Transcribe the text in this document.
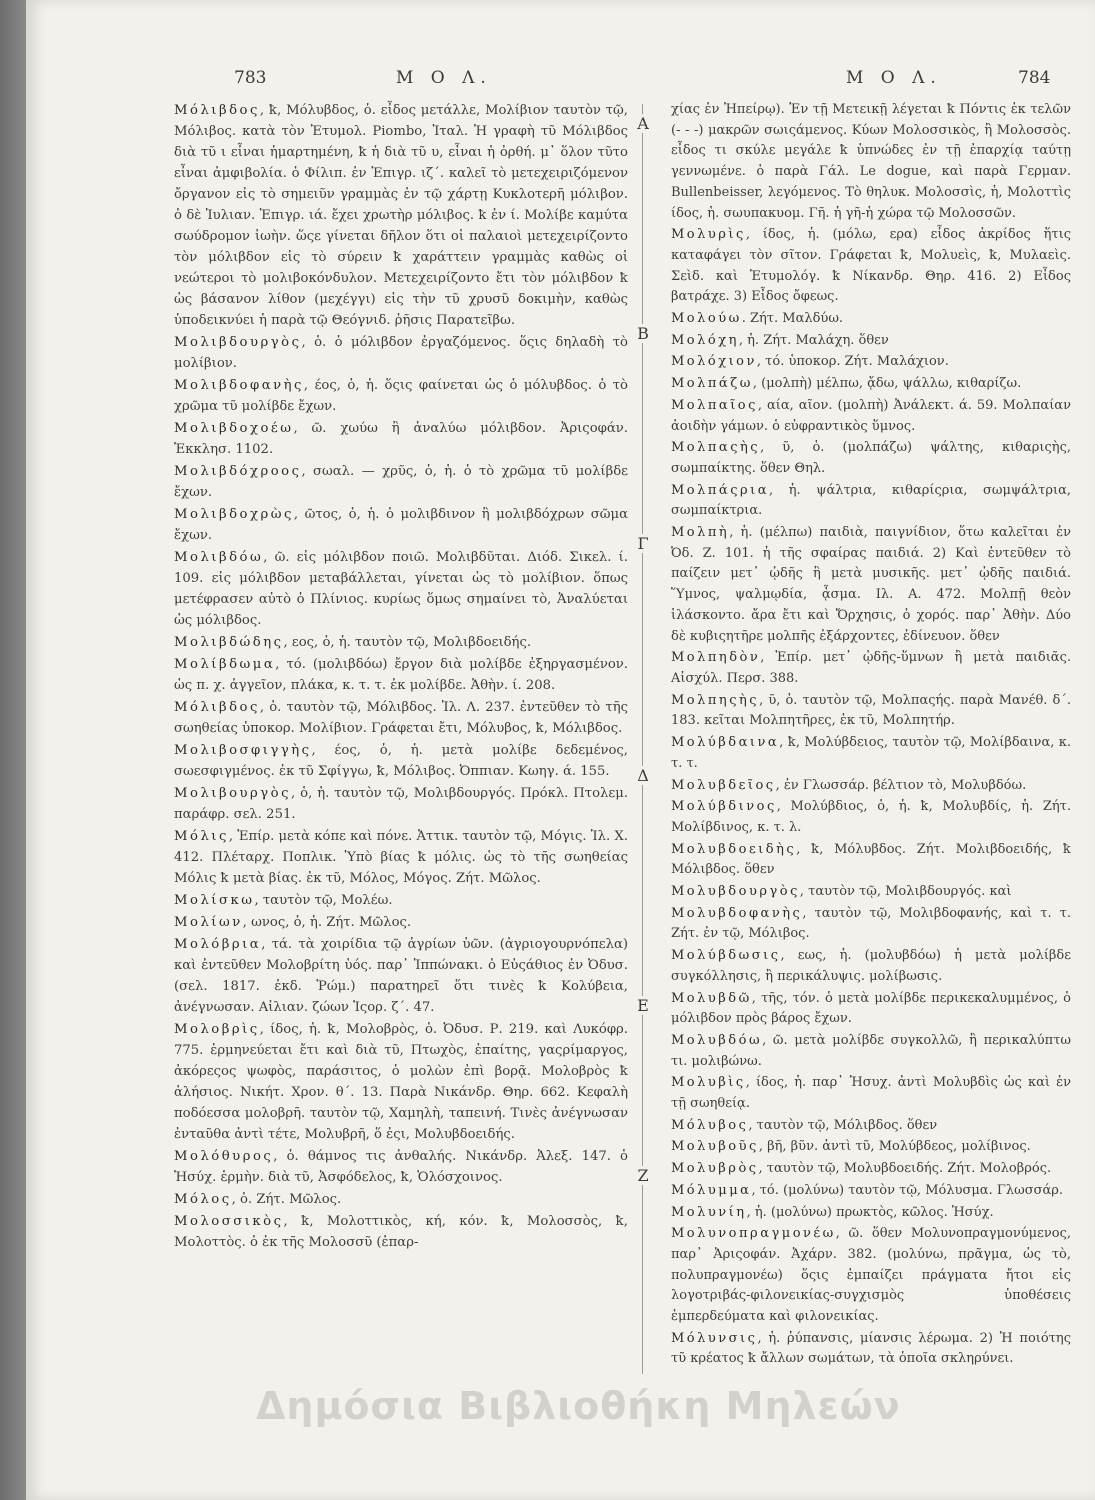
783	Μ Ο Λ.	Μ Ο Λ.	784

Μόλιβδος, ꝁ, Μόλυβδος, ὁ. εἶδος μετάλλε, Μολίβιον ταυτὸν τῷ, Μόλιβος. κατὰ τὸν Ἐτυμολ. Piombo, Ἰταλ. Ἡ γραφὴ τῦ Μόλιβδος διὰ τῦ ι εἶναι ἡμαρτημένη, ꝁ ἡ διὰ τῦ υ, εἶναι ἡ ὀρθή. μ᾽ ὅλον τῦτο εἶναι ἀμφιβολία. ὁ Φίλιπ. ἐν Ἐπιγρ. ιζ΄. καλεῖ τὸ μετεχειριζόμενον ὄργανον εἰς τὸ σημειῦν γραμμὰς ἐν τῷ χάρτῃ Κυκλοτερῆ μόλιβον. ὁ δὲ Ἰυλιαν. Ἐπιγρ. ιά. ἔχει χρωτὴρ μόλιβος. ꝁ ἐν ί. Μολίβε καμύτα σωύδρομον ἰωὴν. ὥςε γίνεται δῆλον ὅτι οἱ παλαιοὶ μετεχειρίζοντο τὸν μόλιβδον εἰς τὸ σύρειν ꝁ χαράττειν γραμμὰς καθὼς οἱ νεώτεροι τὸ μολιβοκόνδυλον. Μετεχειρίζοντο ἔτι τὸν μόλιβδον ꝁ ὡς βάσανον λίθον (μεχέγγι) εἰς τὴν τῦ χρυσῦ δοκιμὴν, καθὼς ὑποδεικνύει ἡ παρὰ τῷ Θεόγνιδ. ῥῆσις Παρατεῖβω.

Μολιβδουργὸς, ὁ. ὁ μόλιβδον ἐργαζόμενος. ὅςις δηλαδὴ τὸ μολίβιον.

Μολιβδοφανὴς, έος, ὁ, ἡ. ὅςις φαίνεται ὡς ὁ μόλυβδος. ὁ τὸ χρῶμα τῦ μολίβδε ἔχων.

Μολιβδοχοέω, ῶ. χωύω ἢ ἀναλύω μόλιβδον. Ἀριςοφάν. Ἐκκλησ. 1102.

Μολιβδόχροος, σωαλ. — χρῦς, ὁ, ἡ. ὁ τὸ χρῶμα τῦ μολίβδε ἔχων.

Μολιβδοχρὼς, ῶτος, ὁ, ἡ. ὁ μολιβδινον ἢ μολιβδόχρων σῶμα ἔχων.

Μολιβδόω, ῶ. εἰς μόλιβδον ποιῶ. Μολιβδῦται. Διόδ. Σικελ. ί. 109. εἰς μόλιβδον μεταβάλλεται, γίνεται ὡς τὸ μολίβιον. ὅπως μετέφρασεν αὐτὸ ὁ Πλίνιος. κυρίως ὅμως σημαίνει τὸ, Ἀναλύεται ὡς μόλιβδος.

Μολιβδώδης, εος, ὁ, ἡ. ταυτὸν τῷ, Μολιβδοειδής.

Μολίβδωμα, τό. (μολιβδόω) ἔργον διὰ μολίβδε ἐξηργασμένον. ὡς π. χ. ἀγγεῖον, πλάκα, κ. τ. τ. ἐκ μολίβδε. Ἀθὴν. ί. 208.

Μόλιβδος, ὁ. ταυτὸν τῷ, Μόλιβδος. Ἰλ. Λ. 237. ἐντεῦθεν τὸ τῆς σωηθείας ὑποκορ. Μολίβιον. Γράφεται ἔτι, Μόλυβος, ꝁ, Μόλιβδος.

Μολιβοσφιγγὴς, έος, ὁ, ἡ. μετὰ μολίβε δεδεμένος, σωεσφιγμένος. ἐκ τῦ Σφίγγω, ꝁ, Μόλιβος. Ὀππιαν. Κωηγ. ά. 155.

Μολιβουργὸς, ὁ, ἡ. ταυτὸν τῷ, Μολιβδουργός. Πρόκλ. Πτολεμ. παράφρ. σελ. 251.

Μόλις, Ἐπίρ. μετὰ κόπε καὶ πόνε. Ἀττικ. ταυτὸν τῷ, Μόγις. Ἰλ. Χ. 412. Πλέταρχ. Ποπλικ. Ὑπὸ βίας ꝁ μόλις. ὡς τὸ τῆς σωηθείας Μόλις ꝁ μετὰ βίας. ἐκ τῦ, Μόλος, Μόγος. Ζήτ. Μῶλος.

Μολίσκω, ταυτὸν τῷ, Μολέω.

Μολίων, ωνος, ὁ, ἡ. Ζήτ. Μῶλος.

Μολόβρια, τά. τὰ χοιρίδια τῷ ἀγρίων ὑῶν. (ἀγριογουρνόπελα) καὶ ἐντεῦθεν Μολοβρίτη ὑός. παρ᾽ Ἱππώνακι. ὁ Εὐςάθιος ἐν Ὀδυσ. (σελ. 1817. ἐκδ. Ῥώμ.) παρατηρεῖ ὅτι τινὲς ꝁ Κολύβεια, ἀνέγνωσαν. Αἰλιαν. ζώων Ἱςορ. ζ΄. 47.

Μολοβρὶς, ίδος, ἡ. ꝁ, Μολοβρὸς, ὁ. Ὀδυσ. Ρ. 219. καὶ Λυκόφρ. 775. ἑρμηνεύεται ἔτι καὶ διὰ τῦ, Πτωχὸς, ἐπαίτης, γαςρίμαργος, ἀκόρεςος ψωφὸς, παράσιτος, ὁ μολὼν ἐπὶ βορᾷ. Μολοβρὸς ꝁ ἀλήσιος. Νικήτ. Χρον. θ΄. 13. Παρὰ Νικάνδρ. Θηρ. 662. Κεφαλὴ ποδόεσσα μολοβρῆ. ταυτὸν τῷ, Χαμηλὴ, ταπεινή. Τινὲς ἀνέγνωσαν ἐνταῦθα ἀντὶ τέτε, Μολυβρῆ, ὅ ἐςι, Μολυβδοειδής.

Μολόθυρος, ὁ. θάμνος τις ἀνθαλής. Νικάνδρ. Ἀλεξ. 147. ὁ Ἡσύχ. ἑρμὴν. διὰ τῦ, Ἀσφόδελος, ꝁ, Ὁλόσχοινος.

Μόλος, ὁ. Ζήτ. Μῶλος.

Μολοσσικὸς, ꝁ, Μολοττικὸς, κή, κόν. ꝁ, Μολοσσὸς, ꝁ, Μολοττὸς. ὁ ἐκ τῆς Μολοσσῦ (ἐπαρ-

Α
Β
Γ
Δ
Ε
Ζ

χίας ἐν Ἠπείρῳ). Ἐν τῇ Μετεικῇ λέγεται ꝁ Πόντις ἐκ τελῶν (- - -) μακρῶν σωιςάμενος. Κύων Μολοσσικὸς, ἢ Μολοσσὸς. εἶδος τι σκύλε μεγάλε ꝁ ὑπνώδες ἐν τῇ ἐπαρχίᾳ ταύτῃ γεννωμένε. ὁ παρὰ Γάλ. Le dogue, καὶ παρὰ Γερμαν. Bullenbeisser, λεγόμενος. Τὸ θηλυκ. Μολοσσὶς, ἡ, Μολοττὶς ίδος, ἡ. σωυπακυομ. Γῆ. ἡ γῆ-ἡ χώρα τῷ Μολοσσῶν.

Μολυρὶς, ίδος, ἡ. (μόλω, ερα) εἶδος ἀκρίδος ἥτις καταφάγει τὸν σῖτον. Γράφεται ꝁ, Μολυεὶς, ꝁ, Μυλαεὶς. Σεὶδ. καὶ Ἐτυμολόγ. ꝁ Νίκανδρ. Θηρ. 416. 2) Εἶδος βατράχε. 3) Εἶδος ὄφεως.

Μολούω. Ζήτ. Μαλδύω.

Μολόχη, ἡ. Ζήτ. Μαλάχη. ὅθεν

Μολόχιον, τό. ὑποκορ. Ζήτ. Μαλάχιον.

Μολπάζω, (μολπὴ) μέλπω, ᾄδω, ψάλλω, κιθαρίζω.

Μολπαῖος, αία, αῖον. (μολπὴ) Ἀνάλεκτ. ά. 59. Μολπαίαν ἀοιδὴν γάμων. ὁ εὐφραντικὸς ὕμνος.

Μολπαςὴς, ῦ, ὁ. (μολπάζω) ψάλτης, κιθαριςὴς, σωμπαίκτης. ὅθεν Θηλ.

Μολπάςρια, ἡ. ψάλτρια, κιθαρίςρια, σωμψάλτρια, σωμπαίκτρια.

Μολπὴ, ἡ. (μέλπω) παιδιὰ, παιγνίδιον, ὅτω καλεῖται ἐν Ὀδ. Ζ. 101. ἡ τῆς σφαίρας παιδιά. 2) Καὶ ἐντεῦθεν τὸ παίζειν μετ᾽ ᾠδῆς ἢ μετὰ μυσικῆς. μετ᾽ ᾠδῆς παιδιά. Ὕμνος, ψαλμῳδία, ᾆσμα. Ιλ. Α. 472. Μολπῇ θεὸν ἱλάσκοντο. ἄρα ἔτι καὶ Ὄρχησις, ὁ χορός. παρ᾽ Ἀθὴν. Δύο δὲ κυβιςητῆρε μολπῆς ἐξάρχοντες, ἐδίνευον. ὅθεν

Μολπηδὸν, Ἐπίρ. μετ᾽ ᾠδῆς-ὕμνων ἢ μετὰ παιδιᾶς. Αἰσχύλ. Περσ. 388.

Μολπηςὴς, ῦ, ὁ. ταυτὸν τῷ, Μολπαςής. παρὰ Μανέθ. δ΄. 183. κεῖται Μολπητῆρες, ἐκ τῦ, Μολπητήρ.

Μολύβδαινα, ꝁ, Μολύβδειος, ταυτὸν τῷ, Μολίβδαινα, κ. τ. τ.

Μολυβδεῖος, ἐν Γλωσσάρ. βέλτιον τὸ, Μολυβδόω.

Μολύβδινος, Μολύβδιος, ὁ, ἡ. ꝁ, Μολυβδίς, ἡ. Ζήτ. Μολίβδινος, κ. τ. λ.

Μολυβδοειδὴς, ꝁ, Μόλυβδος. Ζήτ. Μολιβδοειδής, ꝁ Μόλιβδος. ὅθεν

Μολυβδουργὸς, ταυτὸν τῷ, Μολιβδουργός. καὶ

Μολυβδοφανὴς, ταυτὸν τῷ, Μολιβδοφανής, καὶ τ. τ. Ζήτ. ἐν τῷ, Μόλιβος.

Μολύβδωσις, εως, ἡ. (μολυβδόω) ἡ μετὰ μολίβδε συγκόλλησις, ἢ περικάλυψις. μολίβωσις.

Μολυβδῶ, τῆς, τόν. ὁ μετὰ μολίβδε περικεκαλυμμένος, ὁ μόλιβδον πρὸς βάρος ἔχων.

Μολυβδόω, ῶ. μετὰ μολίβδε συγκολλῶ, ἢ περικαλύπτω τι. μολιβώνω.

Μολυβὶς, ίδος, ἡ. παρ᾽ Ἡσυχ. ἀντὶ Μολυβδὶς ὡς καὶ ἐν τῇ σωηθείᾳ.

Μόλυβος, ταυτὸν τῷ, Μόλιβδος. ὅθεν

Μολυβοῦς, βῆ, βῦν. ἀντὶ τῦ, Μολύβδεος, μολίβινος.

Μολυβρὸς, ταυτὸν τῷ, Μολυβδοειδής. Ζήτ. Μολοβρός.

Μόλυμμα, τό. (μολύνω) ταυτὸν τῷ, Μόλυσμα. Γλωσσάρ.

Μολυνίη, ἡ. (μολύνω) πρωκτὸς, κῶλος. Ἡσύχ.

Μολυνοπραγμονέω, ῶ. ὅθεν Μολυνοπραγμονύμενος, παρ᾽ Ἀριςοφάν. Ἀχάρν. 382. (μολύνω, πρᾶγμα, ὡς τὸ, πολυπραγμονέω) ὅςις ἐμπαίζει πράγματα ἤτοι εἰς λογοτριβάς-φιλονεικίας-συγχισμὸς ὑποθέσεις ἐμπερδεύματα καὶ φιλονεικίας.

Μόλυνσις, ἡ. ῥύπανσις, μίανσις λέρωμα. 2) Ἡ ποιότης τῦ κρέατος ꝁ ἄλλων σωμάτων, τὰ ὁποῖα σκληρύνει.

Δημόσια Βιβλιοθήκη Μηλεών
